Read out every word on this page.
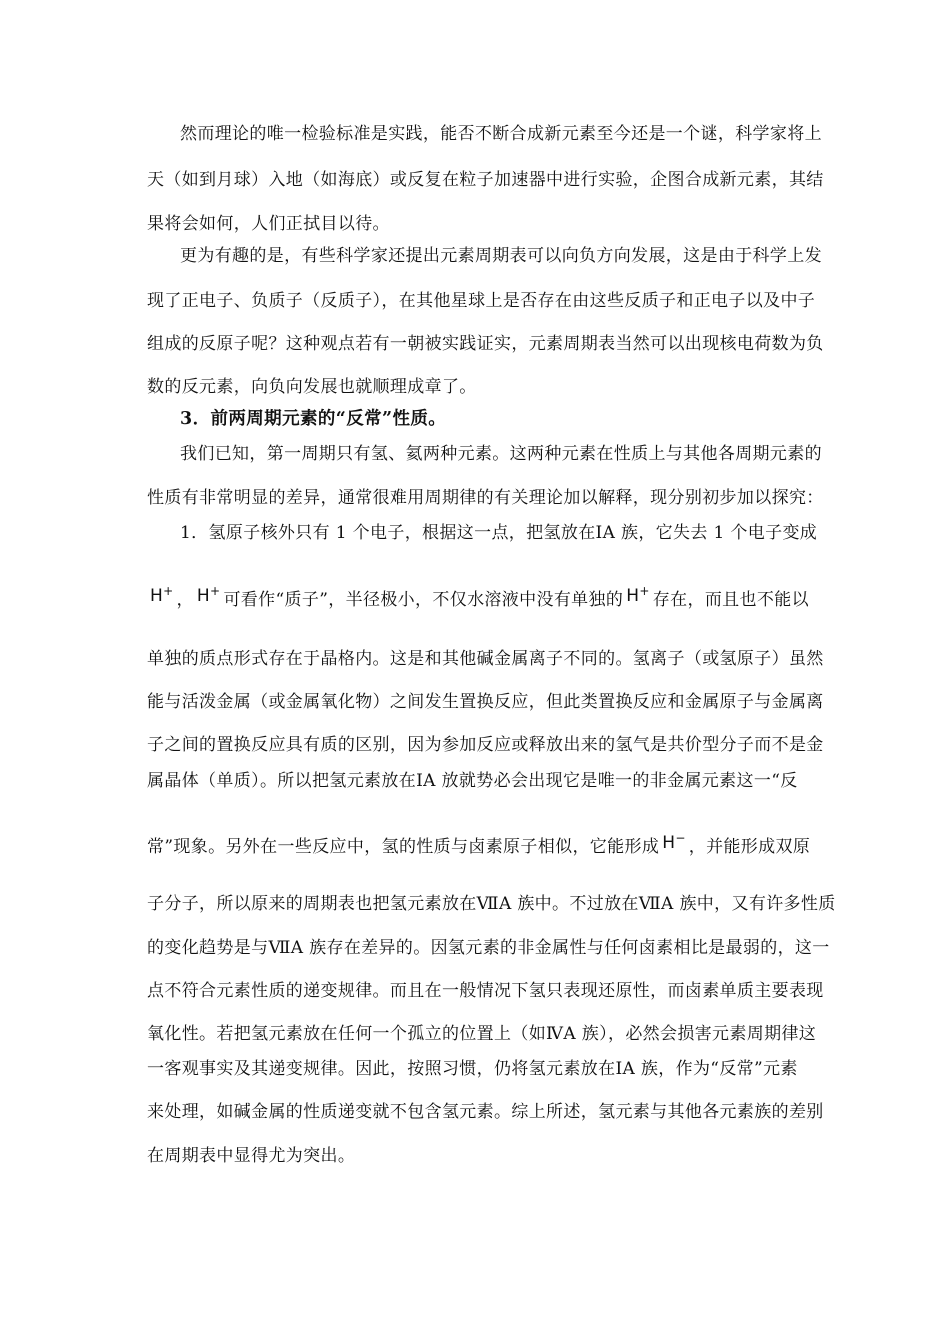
然而理论的唯一检验标准是实践，能否不断合成新元素至今还是一个谜，科学家将上
天（如到月球）入地（如海底）或反复在粒子加速器中进行实验，企图合成新元素，其结
果将会如何，人们正拭目以待。
更为有趣的是，有些科学家还提出元素周期表可以向负方向发展，这是由于科学上发
现了正电子、负质子（反质子），在其他星球上是否存在由这些反质子和正电子以及中子
组成的反原子呢？这种观点若有一朝被实践证实，元素周期表当然可以出现核电荷数为负
数的反元素，向负向发展也就顺理成章了。
3．前两周期元素的“反常”性质。
我们已知，第一周期只有氢、氦两种元素。这两种元素在性质上与其他各周期元素的
性质有非常明显的差异，通常很难用周期律的有关理论加以解释，现分别初步加以探究：
1．氢原子核外只有 1 个电子，根据这一点，把氢放在ⅠA 族，它失去 1 个电子变成
H+ ， H+ 可看作“质子”，半径极小，不仅水溶液中没有单独的 H+ 存在，而且也不能以
单独的质点形式存在于晶格内。这是和其他碱金属离子不同的。氢离子（或氢原子）虽然
能与活泼金属（或金属氧化物）之间发生置换反应，但此类置换反应和金属原子与金属离
子之间的置换反应具有质的区别，因为参加反应或释放出来的氢气是共价型分子而不是金
属晶体（单质）。所以把氢元素放在ⅠA 放就势必会出现它是唯一的非金属元素这一“反
常”现象。另外在一些反应中，氢的性质与卤素原子相似，它能形成 H− ，并能形成双原
子分子，所以原来的周期表也把氢元素放在ⅦA 族中。不过放在ⅦA 族中，又有许多性质
的变化趋势是与ⅦA 族存在差异的。因氢元素的非金属性与任何卤素相比是最弱的，这一
点不符合元素性质的递变规律。而且在一般情况下氢只表现还原性，而卤素单质主要表现
氧化性。若把氢元素放在任何一个孤立的位置上（如ⅣA 族），必然会损害元素周期律这
一客观事实及其递变规律。因此，按照习惯，仍将氢元素放在ⅠA 族，作为“反常”元素
来处理，如碱金属的性质递变就不包含氢元素。综上所述，氢元素与其他各元素族的差别
在周期表中显得尤为突出。
